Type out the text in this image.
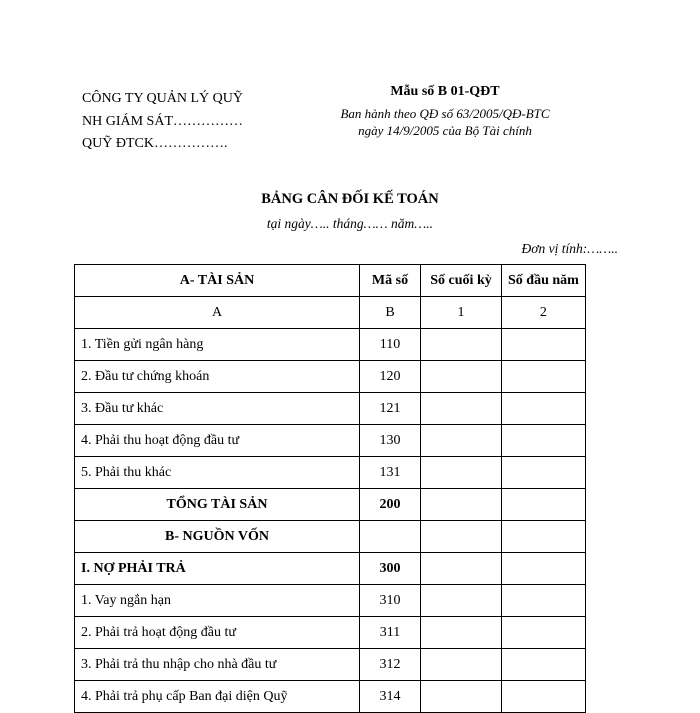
CÔNG TY QUẢN LÝ QUỸ
NH GIÁM SÁT……………
QUỸ ĐTCK…………….
Mẫu số B 01-QĐT
Ban hành theo QĐ số 63/2005/QĐ-BTC
ngày 14/9/2005 của Bộ Tài chính
BẢNG CÂN ĐỐI KẾ TOÁN
tại ngày….. tháng…… năm…..
Đơn vị tính:……..
A- TÀI SẢN	Mã số	Số cuối kỳ	Số đầu năm
A	B	1	2
1. Tiền gửi ngân hàng	110		
2. Đầu tư chứng khoán	120		
3. Đầu tư khác	121		
4. Phải thu hoạt động đầu tư	130		
5. Phải thu khác	131		
TỔNG TÀI SẢN	200		
B- NGUỒN VỐN			
I. NỢ PHẢI TRẢ	300		
1. Vay ngắn hạn	310		
2. Phải trả hoạt động đầu tư	311		
3. Phải trả thu nhập cho nhà đầu tư	312		
4. Phải trả phụ cấp Ban đại diện Quỹ	314		
